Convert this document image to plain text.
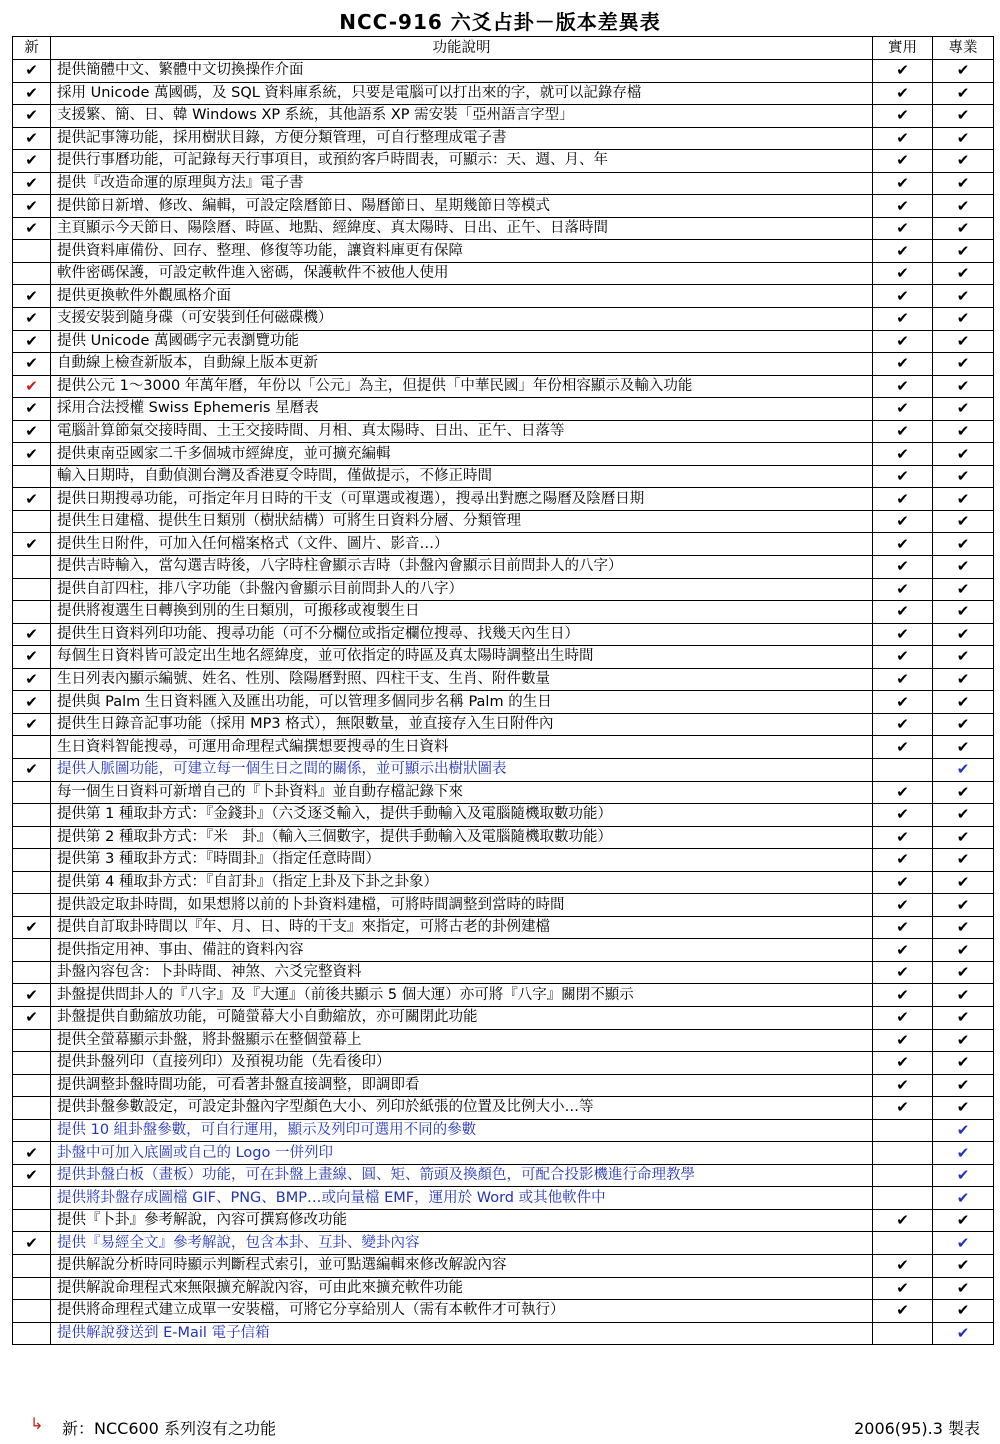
NCC-916 六爻占卦－版本差異表
新	功能說明	實用	專業
✔	提供簡體中文、繁體中文切換操作介面	✔	✔
✔	採用 Unicode 萬國碼，及 SQL 資料庫系統，只要是電腦可以打出來的字，就可以記錄存檔	✔	✔
✔	支援繁、簡、日、韓 Windows XP 系統，其他語系 XP 需安裝「亞州語言字型」	✔	✔
✔	提供記事簿功能，採用樹狀目錄，方便分類管理，可自行整理成電子書	✔	✔
✔	提供行事曆功能，可記錄每天行事項目，或預約客戶時間表，可顯示：天、週、月、年	✔	✔
✔	提供『改造命運的原理與方法』電子書	✔	✔
✔	提供節日新增、修改、編輯，可設定陰曆節日、陽曆節日、星期幾節日等模式	✔	✔
✔	主頁顯示今天節日、陽陰曆、時區、地點、經緯度、真太陽時、日出、正午、日落時間	✔	✔
	提供資料庫備份、回存、整理、修復等功能，讓資料庫更有保障	✔	✔
	軟件密碼保護，可設定軟件進入密碼，保護軟件不被他人使用	✔	✔
✔	提供更換軟件外觀風格介面	✔	✔
✔	支援安裝到隨身碟（可安裝到任何磁碟機）	✔	✔
✔	提供 Unicode 萬國碼字元表瀏覽功能	✔	✔
✔	自動線上檢查新版本，自動線上版本更新	✔	✔
✔	提供公元 1～3000 年萬年曆，年份以「公元」為主，但提供「中華民國」年份相容顯示及輸入功能	✔	✔
✔	採用合法授權 Swiss Ephemeris 星曆表	✔	✔
✔	電腦計算節氣交接時間、土王交接時間、月相、真太陽時、日出、正午、日落等	✔	✔
✔	提供東南亞國家二千多個城市經緯度，並可擴充編輯	✔	✔
	輸入日期時，自動偵測台灣及香港夏令時間，僅做提示，不修正時間	✔	✔
✔	提供日期搜尋功能，可指定年月日時的干支（可單選或複選），搜尋出對應之陽曆及陰曆日期	✔	✔
	提供生日建檔、提供生日類別（樹狀結構）可將生日資料分層、分類管理	✔	✔
✔	提供生日附件，可加入任何檔案格式（文件、圖片、影音…）	✔	✔
	提供吉時輸入，當勾選吉時後，八字時柱會顯示吉時（卦盤內會顯示目前問卦人的八字）	✔	✔
	提供自訂四柱，排八字功能（卦盤內會顯示目前問卦人的八字）	✔	✔
	提供將複選生日轉換到別的生日類別，可搬移或複製生日	✔	✔
✔	提供生日資料列印功能、搜尋功能（可不分欄位或指定欄位搜尋、找幾天內生日）	✔	✔
✔	每個生日資料皆可設定出生地名經緯度，並可依指定的時區及真太陽時調整出生時間	✔	✔
✔	生日列表內顯示編號、姓名、性別、陰陽曆對照、四柱干支、生肖、附件數量	✔	✔
✔	提供與 Palm 生日資料匯入及匯出功能，可以管理多個同步名稱 Palm 的生日	✔	✔
✔	提供生日錄音記事功能（採用 MP3 格式），無限數量，並直接存入生日附件內	✔	✔
	生日資料智能搜尋，可運用命理程式編撰想要搜尋的生日資料	✔	✔
✔	提供人脈圖功能，可建立每一個生日之間的關係，並可顯示出樹狀圖表		✔
	每一個生日資料可新增自己的『卜卦資料』並自動存檔記錄下來	✔	✔
	提供第 1 種取卦方式：『金錢卦』（六爻逐爻輸入，提供手動輸入及電腦隨機取數功能）	✔	✔
	提供第 2 種取卦方式：『米　卦』（輸入三個數字，提供手動輸入及電腦隨機取數功能）	✔	✔
	提供第 3 種取卦方式：『時間卦』（指定任意時間）	✔	✔
	提供第 4 種取卦方式：『自訂卦』（指定上卦及下卦之卦象）	✔	✔
	提供設定取卦時間，如果想將以前的卜卦資料建檔，可將時間調整到當時的時間	✔	✔
✔	提供自訂取卦時間以『年、月、日、時的干支』來指定，可將古老的卦例建檔	✔	✔
	提供指定用神、事由、備註的資料內容	✔	✔
	卦盤內容包含：卜卦時間、神煞、六爻完整資料	✔	✔
✔	卦盤提供問卦人的『八字』及『大運』（前後共顯示 5 個大運）亦可將『八字』關閉不顯示	✔	✔
✔	卦盤提供自動縮放功能，可隨螢幕大小自動縮放，亦可關閉此功能	✔	✔
	提供全螢幕顯示卦盤，將卦盤顯示在整個螢幕上	✔	✔
	提供卦盤列印（直接列印）及預視功能（先看後印）	✔	✔
	提供調整卦盤時間功能，可看著卦盤直接調整，即調即看	✔	✔
	提供卦盤參數設定，可設定卦盤內字型顏色大小、列印於紙張的位置及比例大小…等	✔	✔
	提供 10 組卦盤參數，可自行運用，顯示及列印可選用不同的參數		✔
✔	卦盤中可加入底圖或自己的 Logo 一併列印		✔
✔	提供卦盤白板（畫板）功能，可在卦盤上畫線、圓、矩、箭頭及換顏色，可配合投影機進行命理教學		✔
	提供將卦盤存成圖檔 GIF、PNG、BMP…或向量檔 EMF，運用於 Word 或其他軟件中		✔
	提供『卜卦』參考解說，內容可撰寫修改功能	✔	✔
✔	提供『易經全文』參考解說，包含本卦、互卦、變卦內容		✔
	提供解說分析時同時顯示判斷程式索引，並可點選編輯來修改解說內容	✔	✔
	提供解說命理程式來無限擴充解說內容，可由此來擴充軟件功能	✔	✔
	提供將命理程式建立成單一安裝檔，可將它分享給別人（需有本軟件才可執行）	✔	✔
	提供解說發送到 E-Mail 電子信箱		✔
↳ 新：NCC600 系列沒有之功能	2006(95).3 製表
